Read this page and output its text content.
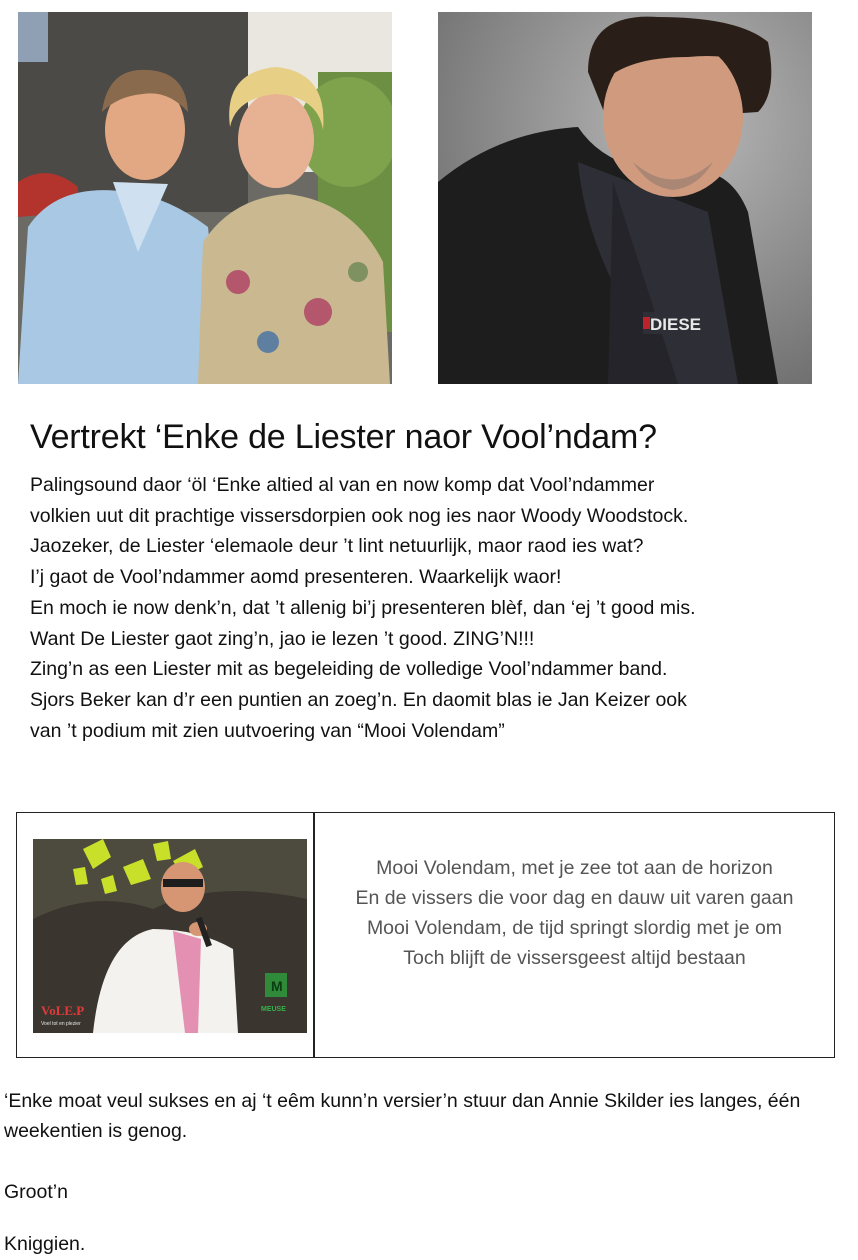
DIESE
Vertrekt ‘Enke de Liester naor Vool’ndam?
Palingsound daor ‘öl ‘Enke altied al van en now komp dat Vool’ndammer
volkien uut dit prachtige vissersdorpien ook nog ies naor Woody Woodstock.
Jaozeker, de Liester ‘elemaole deur ’t lint netuurlijk, maor raod ies wat?
I’j gaot de Vool’ndammer aomd presenteren. Waarkelijk waor!
En moch ie now denk’n, dat ’t allenig bi’j presenteren blèf, dan ‘ej ’t good mis.
Want De Liester gaot zing’n, jao ie lezen ’t good. ZING’N!!!
Zing’n as een Liester mit as begeleiding de volledige Vool’ndammer band.
Sjors Beker kan d’r een puntien an zoeg’n. En daomit blas ie Jan Keizer ook
van ’t podium mit zien uutvoering van “Mooi Volendam”
M
MEUSE
VoLE.P
Voel tot en plezier
Mooi Volendam, met je zee tot aan de horizon
En de vissers die voor dag en dauw uit varen gaan
Mooi Volendam, de tijd springt slordig met je om
Toch blijft de vissersgeest altijd bestaan
‘Enke moat veul sukses en aj ‘t eêm kunn’n versier’n stuur dan Annie Skilder ies langes, één weekentien is genog.
Groot’n
Kniggien.
